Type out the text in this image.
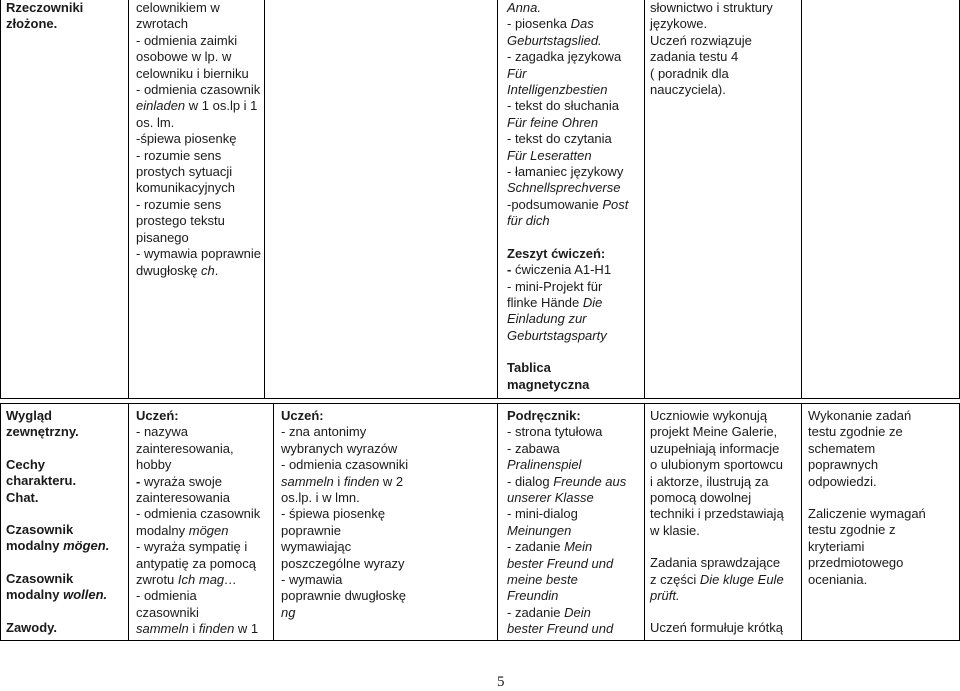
Rzeczowniki
złożone.
celownikiem w
zwrotach
- odmienia zaimki
osobowe w lp. w
celowniku i bierniku
- odmienia czasownik
einladen w 1 os.lp i 1
os. lm.
-śpiewa piosenkę
- rozumie sens
prostych sytuacji
komunikacyjnych
- rozumie sens
prostego tekstu
pisanego
- wymawia poprawnie
dwugłoskę ch.
Anna.
- piosenka Das
Geburtstagslied.
- zagadka językowa
Für
Intelligenzbestien
- tekst do słuchania
Für feine Ohren
- tekst do czytania
Für Leseratten
- łamaniec językowy
Schnellsprechverse
-podsumowanie Post
für dich
Zeszyt ćwiczeń:
- ćwiczenia A1-H1
- mini-Projekt für
flinke Hände Die
Einladung zur
Geburtstagsparty
Tablica
magnetyczna
słownictwo i struktury
językowe.
Uczeń rozwiązuje
zadania testu 4
( poradnik dla
nauczyciela).
Wygląd
zewnętrzny.
Cechy
charakteru.
Chat.
Czasownik
modalny mögen.
Czasownik
modalny wollen.
Zawody.
Uczeń:
- nazywa
zainteresowania,
hobby
- wyraża swoje
zainteresowania
- odmienia czasownik
modalny mögen
- wyraża sympatię i
antypatię za pomocą
zwrotu Ich mag…
- odmienia
czasowniki
sammeln i finden w 1
Uczeń:
- zna antonimy
wybranych wyrazów
- odmienia czasowniki
sammeln i finden w 2
os.lp. i w lmn.
- śpiewa piosenkę
poprawnie
wymawiając
poszczególne wyrazy
- wymawia
poprawnie dwugłoskę
ng
Podręcznik:
- strona tytułowa
- zabawa
Pralinenspiel
- dialog Freunde aus
unserer Klasse
- mini-dialog
Meinungen
- zadanie Mein
bester Freund und
meine beste
Freundin
- zadanie Dein
bester Freund und
Uczniowie wykonują
projekt Meine Galerie,
uzupełniają informacje
o ulubionym sportowcu
i aktorze, ilustrują za
pomocą dowolnej
techniki i przedstawiają
w klasie.
Zadania sprawdzające
z części Die kluge Eule
prüft.
Uczeń formułuje krótką
Wykonanie zadań
testu zgodnie ze
schematem
poprawnych
odpowiedzi.
Zaliczenie wymagań
testu zgodnie z
kryteriami
przedmiotowego
oceniania.
5
